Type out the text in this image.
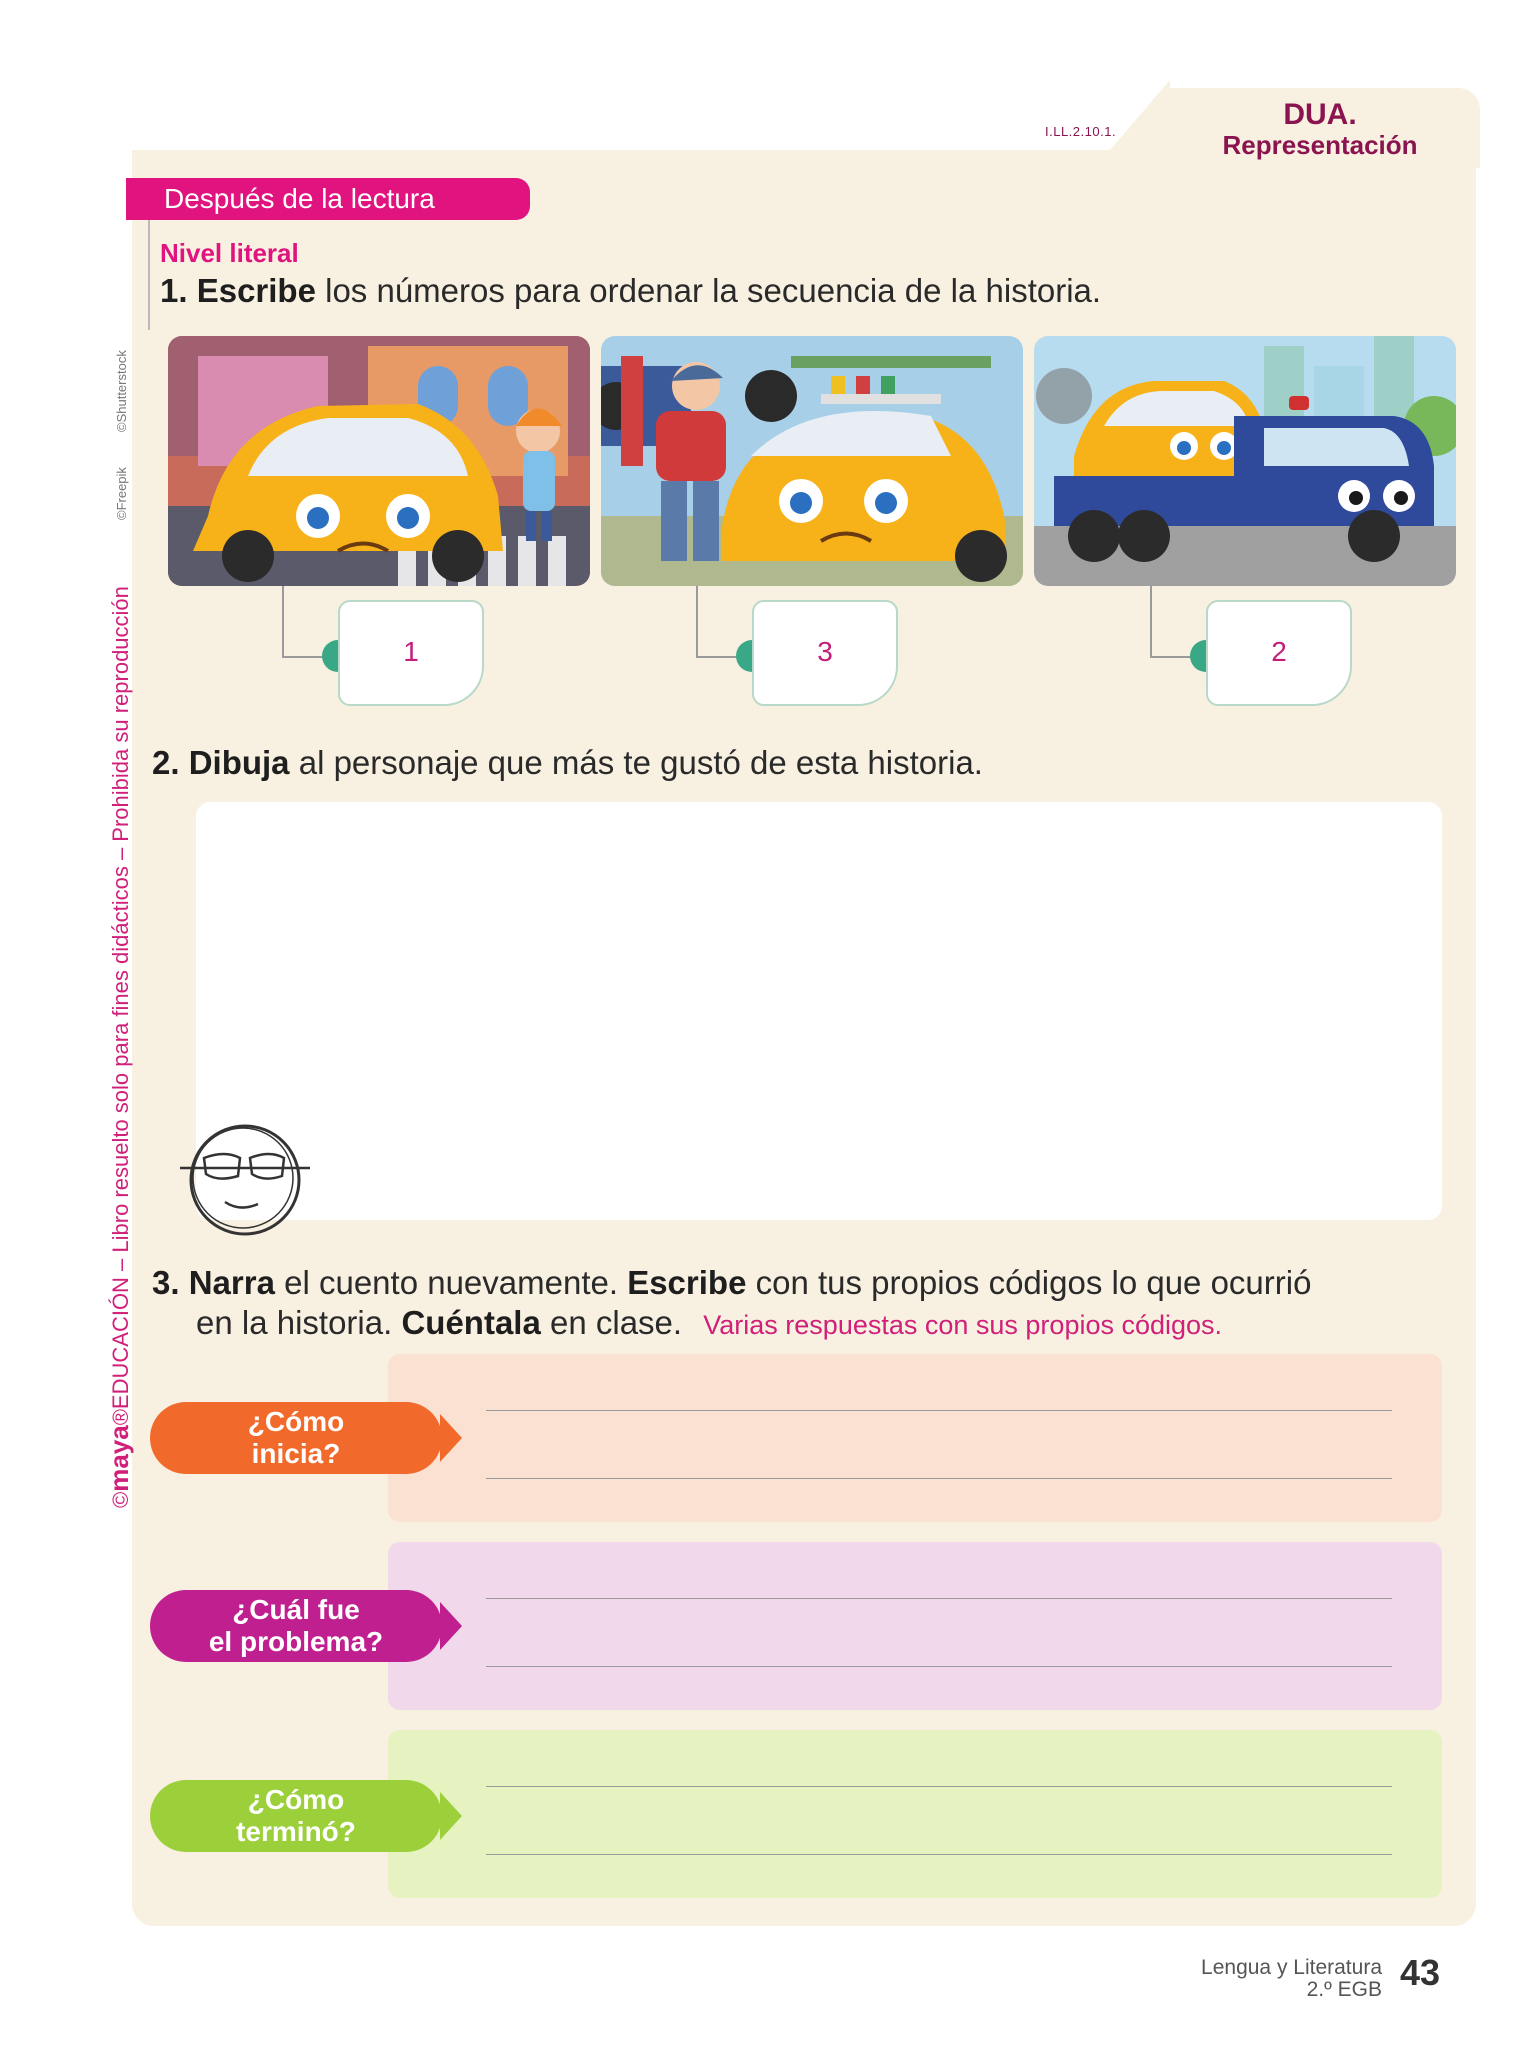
I.LL.2.10.1.
DUA.
Representación
©Freepik
©Shutterstock
©maya®EDUCACIÓN – Libro resuelto solo para fines didácticos – Prohibida su reproducción
Después de la lectura
Nivel literal
1. Escribe los números para ordenar la secuencia de la historia.
1	3	2
2. Dibuja al personaje que más te gustó de esta historia.
3. Narra el cuento nuevamente. Escribe con tus propios códigos lo que ocurrió
en la historia. Cuéntala en clase. Varias respuestas con sus propios códigos.
¿Cómo
inicia?
¿Cuál fue
el problema?
¿Cómo
terminó?
Lengua y Literatura
2.º EGB 43
